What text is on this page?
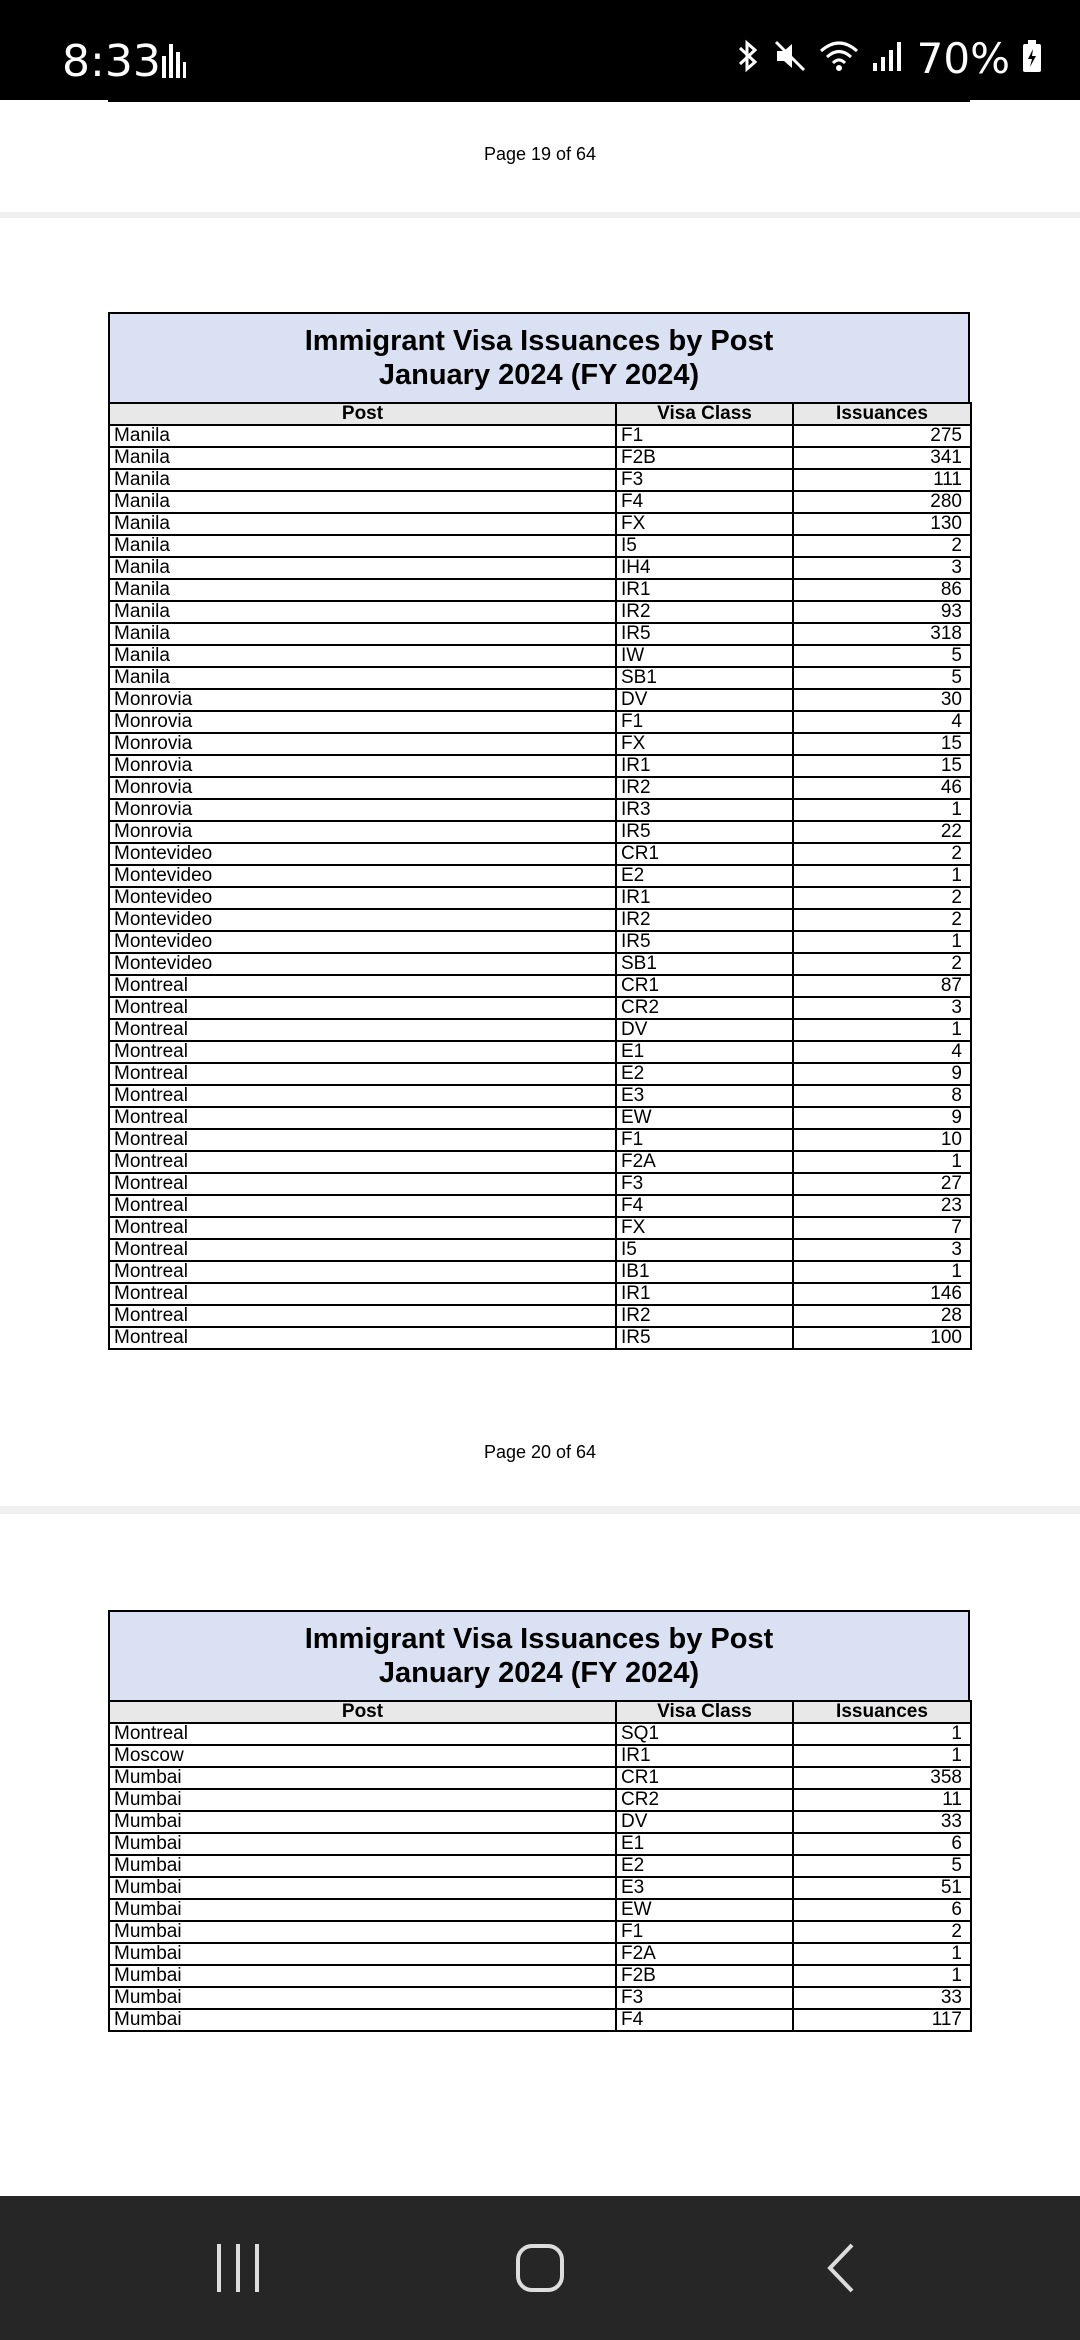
8:33	70%
Page 19 of 64
Immigrant Visa Issuances by Post
January 2024 (FY 2024)
Post	Visa Class	Issuances
Manila	F1	275
Manila	F2B	341
Manila	F3	111
Manila	F4	280
Manila	FX	130
Manila	I5	2
Manila	IH4	3
Manila	IR1	86
Manila	IR2	93
Manila	IR5	318
Manila	IW	5
Manila	SB1	5
Monrovia	DV	30
Monrovia	F1	4
Monrovia	FX	15
Monrovia	IR1	15
Monrovia	IR2	46
Monrovia	IR3	1
Monrovia	IR5	22
Montevideo	CR1	2
Montevideo	E2	1
Montevideo	IR1	2
Montevideo	IR2	2
Montevideo	IR5	1
Montevideo	SB1	2
Montreal	CR1	87
Montreal	CR2	3
Montreal	DV	1
Montreal	E1	4
Montreal	E2	9
Montreal	E3	8
Montreal	EW	9
Montreal	F1	10
Montreal	F2A	1
Montreal	F3	27
Montreal	F4	23
Montreal	FX	7
Montreal	I5	3
Montreal	IB1	1
Montreal	IR1	146
Montreal	IR2	28
Montreal	IR5	100
Page 20 of 64
Immigrant Visa Issuances by Post
January 2024 (FY 2024)
Post	Visa Class	Issuances
Montreal	SQ1	1
Moscow	IR1	1
Mumbai	CR1	358
Mumbai	CR2	11
Mumbai	DV	33
Mumbai	E1	6
Mumbai	E2	5
Mumbai	E3	51
Mumbai	EW	6
Mumbai	F1	2
Mumbai	F2A	1
Mumbai	F2B	1
Mumbai	F3	33
Mumbai	F4	117
